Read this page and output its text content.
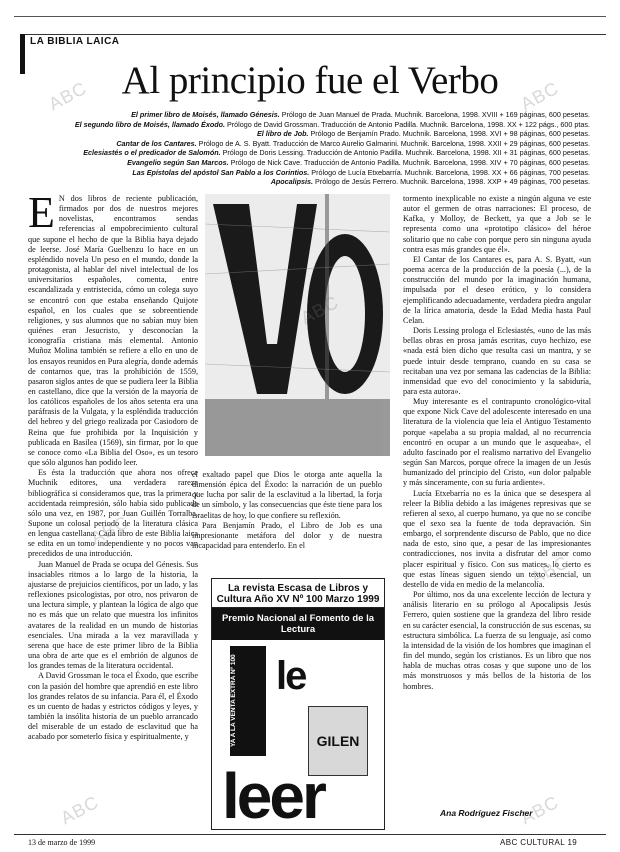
LA BIBLIA LAICA
Al principio fue el Verbo

El primer libro de Moisés, llamado Génesis. Prólogo de Juan Manuel de Prada. Muchnik. Barcelona, 1998. XVIII + 169 páginas, 600 pesetas.

El segundo libro de Moisés, llamado Éxodo. Prólogo de David Grossman. Traducción de Antonio Padilla. Muchnik. Barcelona, 1998. XX + 122 págs., 600 ptas.

El libro de Job. Prólogo de Benjamín Prado. Muchnik. Barcelona, 1998. XVI + 98 páginas, 600 pesetas.

Cantar de los Cantares. Prólogo de A. S. Byatt. Traducción de Marco Aurelio Galmarini. Muchnik. Barcelona, 1998. XXII + 29 páginas, 600 pesetas.

Eclesiastés o el predicador de Salomón. Prólogo de Doris Lessing. Traducción de Antonio Padilla. Muchnik. Barcelona, 1998. XII + 31 páginas, 600 pesetas.

Evangelio según San Marcos. Prólogo de Nick Cave. Traducción de Antonio Padilla. Muchnik. Barcelona, 1998. XIV + 70 páginas, 600 pesetas.

Las Epístolas del apóstol San Pablo a los Corintios. Prólogo de Lucía Etxebarría. Muchnik. Barcelona, 1998. XX + 66 páginas, 700 pesetas.

Apocalipsis. Prólogo de Jesús Ferrero. Muchnik. Barcelona, 1998. XXP + 49 páginas, 700 pesetas.

E N dos libros de reciente publicación, firmados por dos de nuestros mejores novelistas, encontramos sendas referencias al empobrecimiento cultural que supone el hecho de que la Biblia haya dejado de leerse. José María Guelbenzu lo hace en un espléndido novela Un peso en el mundo, donde la protagonista, al hablar del nivel intelectual de los universitarios españoles, comenta, entre escandalizada y entristecida, cómo un colega suyo se encontró con que estaba enseñando Quijote español, en los cuales que se sobreentiende religiones, y sus alumnos que no sabían muy bien quiénes eran Jesucristo, y desconocían la iconografía cristiana más elemental. Antonio Muñoz Molina también se refiere a ello en uno de los ensayos reunidos en Pura alegría, donde además de contarnos que, tras la prohibición de 1559, pasaron siglos antes de que se pudiera leer la Biblia en castellano, dice que la versión de la mayoría de los católicos españoles de los años setenta era una paráfrasis de la Vulgata, y la espléndida traducción del hebreo y del griego realizada por Casiodoro de Reina que fue prohibida por la Inquisición y publicada en Basilea (1569), sin firmar, por lo que se conoce como «La Biblia del Oso», es un tesoro que sólo algunos han podido leer.

Es ésta la traducción que ahora nos ofrece Muchnik editores, una verdadera rareza bibliográfica si consideramos que, tras la primera y accidentada reimpresión, sólo había sido publicada sólo una vez, en 1987, por Juan Guillén Torralba. Supone un colosal periodo de la literatura clásica en lengua castellana. Cada libro de este Biblia laica se edita en un tomo independiente y no pocos van precedidos de una introducción.

Juan Manuel de Prada se ocupa del Génesis. Sus insaciables ritmos a lo largo de la historia, la ajustarse de prejuicios científicos, por un lado, y las reflexiones psicologistas, por otro, nos privaron de una lectura simple, y plantean la lógica de algo que no es más que un relato que muestra los infinitos avatares de la realidad en un mundo de historias esenciales. Una mirada a la vez maravillada y serena que hace de este primer libro de la Biblia una obra de arte que es el embrión de algunos de los grandes temas de la literatura occidental.

A David Grossman le toca el Éxodo, que escribe con la pasión del hombre que aprendió en este libro los grandes relatos de su infancia. Para él, el Éxodo es un cuento de hadas y estrictos códigos y leyes, y también la insólita historia de un pueblo arrancado del miserable de un estado de esclavitud que ha acabado por someterlo física y espiritualmente, y

el exaltado papel que Dios le otorga ante aquella la dimensión épica del Éxodo: la narración de un pueblo que lucha por salir de la esclavitud a la libertad, la forja de un símbolo, y las consecuencias que éste tiene para los israelitas de hoy, lo que confiere su reflexión.

Para Benjamín Prado, el Libro de Job es una impresionante metáfora del dolor y de nuestra incapacidad para entenderlo. En el

La revista Escasa de Libros y Cultura Año XV Nº 100 Marzo 1999
Premio Nacional al Fomento de la Lectura
YA A LA VENTA EXTRA Nº 100 le
GILEN
leer

tormento inexplicable no existe a ningún alguna ve este autor el germen de otras narraciones: El proceso, de Kafka, y Molloy, de Beckett, ya que a Job se le representa como una «prototipo clásico» del héroe solitario que no cabe con porque pero sin ninguna ayuda contra esas más grandes que él».

El Cantar de los Cantares es, para A. S. Byatt, «un poema acerca de la producción de la poesía (...), de la construcción del mundo por la imaginación humana, impulsada por el deseo erótico, y lo considera ejemplificando adecuadamente, verdadera piedra angular de la lírica amatoria, desde la Edad Media hasta Paul Celan.

Doris Lessing prologa el Eclesiastés, «uno de las más bellas obras en prosa jamás escritas, cuyo hechizo, ese «nada está bien dicho que resulta casi un mantra, y se puede intuir desde temprano, cuando en su casa se recitaban una vez por semana las cadencias de la Biblia: inmensidad que evo del conocimiento y la sabiduría, para esta autora».

Muy interesante es el contrapunto cronológico-vital que expone Nick Cave del adolescente interesado en una literatura de la violencia que leía el Antiguo Testamento porque «apelaba a su propia maldad, al no recurrencia encontró en ocupar a un mundo que le asqueaba», el adulto fascinado por el realismo narrativo del Evangelio según San Marcos, porque ofrece la imagen de un Jesús humanizado del principio del Cristo, «un dolor palpable y más sinceramente, con su furia ardiente».

Lucía Etxebarría no es la única que se desespera al releer la Biblia debido a las imágenes represivas que se refieren al sexo, al cuerpo humano, ya que no se concibe que el sexo sea la fuente de toda depravación. Sin embargo, el sorprendente discurso de Pablo, que no dice nada de esto, sino que, a pesar de las impresionantes contradicciones, nos invita a disfrutar del amor como placer espiritual y físico. Con sus matices, lo cierto es que estas líneas siguen siendo un texto esencial, un destello de vida en medio de la melancolía.

Por último, nos da una excelente lección de lectura y análisis literario en su prólogo al Apocalipsis Jesús Ferrero, quien sostiene que la grandeza del libro reside en su carácter esencial, la construcción de sus escenas, su estructura simbólica. La fuerza de su lenguaje, así como la intensidad de la visión de los hombres que imaginan el fin del mundo, según los cristianos. Es un libro que nos habla de muchas otras cosas y que supone uno de los más monstruosos y más bellos de la historia de los hombres.

Ana Rodríguez Fischer
13 de marzo de 1999	ABC CULTURAL 19
ABC	ABC
ABC
ABC
ABC
ABC	ABC
